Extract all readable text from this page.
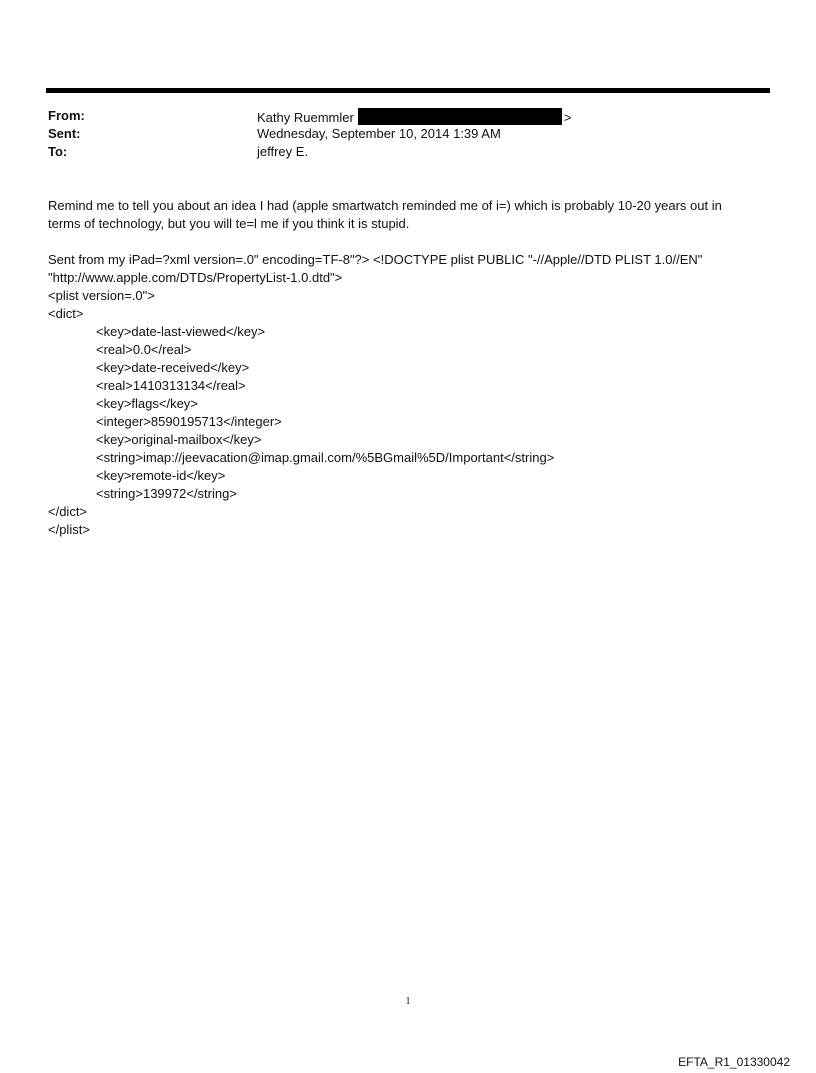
From:	Kathy Ruemmler	>
Sent:	Wednesday, September 10, 2014 1:39 AM
To:	jeffrey E.
Remind me to tell you about an idea I had (apple smartwatch reminded me of i=) which is probably 10-20 years out in
terms of technology, but you will te=l me if you think it is stupid.
Sent from my iPad=?xml version=.0" encoding=TF-8"?> <!DOCTYPE plist PUBLIC "-//Apple//DTD PLIST 1.0//EN"
"http://www.apple.com/DTDs/PropertyList-1.0.dtd">
<plist version=.0">
<dict>
<key>date-last-viewed</key>
<real>0.0</real>
<key>date-received</key>
<real>1410313134</real>
<key>flags</key>
<integer>8590195713</integer>
<key>original-mailbox</key>
<string>imap://jeevacation@imap.gmail.com/%5BGmail%5D/Important</string>
<key>remote-id</key>
<string>139972</string>
</dict>
</plist>
1
EFTA_R1_01330042
